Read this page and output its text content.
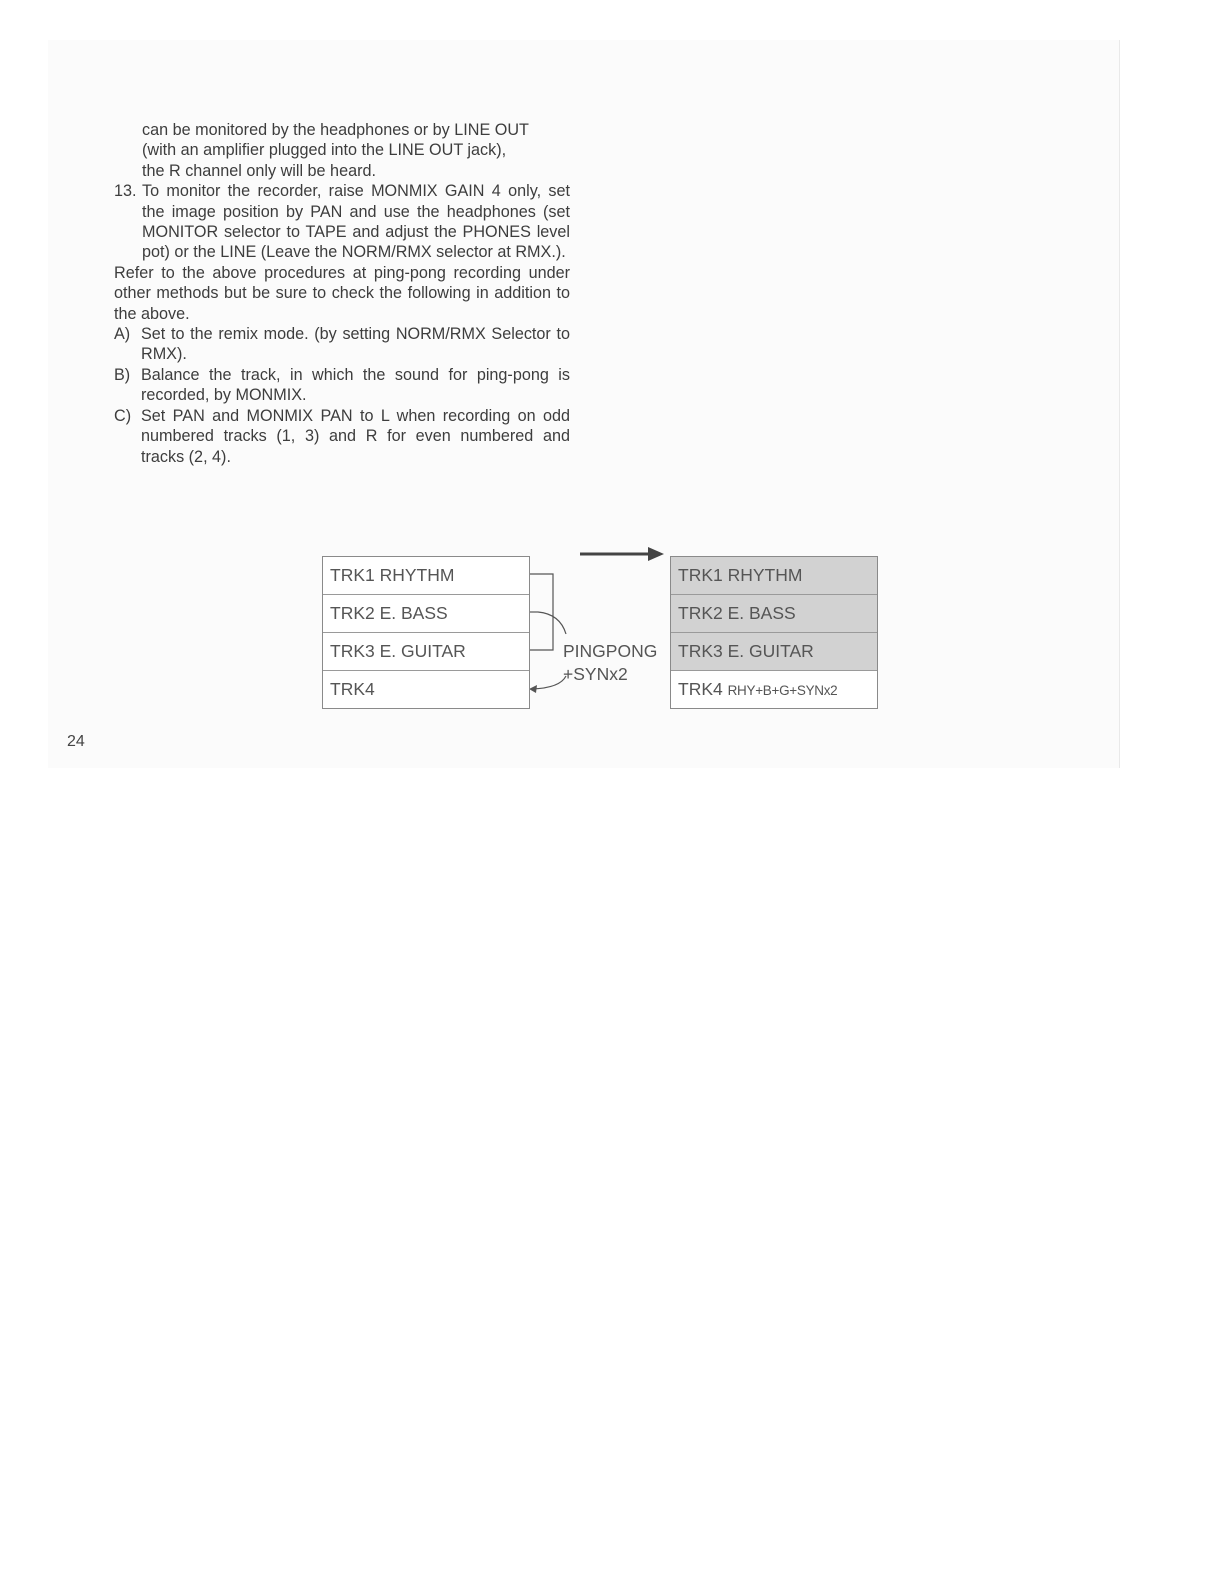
can be monitored by the headphones or by LINE OUT

(with an amplifier plugged into the LINE OUT jack),

the R channel only will be heard.

13. To monitor the recorder, raise MONMIX GAIN 4 only, set the image position by PAN and use the headphones (set MONITOR selector to TAPE and adjust the PHONES level pot) or the LINE (Leave the NORM/RMX selector at RMX.).

Refer to the above procedures at ping-pong recording under other methods but be sure to check the following in addition to the above.

A) Set to the remix mode. (by setting NORM/RMX Selector to RMX).
B) Balance the track, in which the sound for ping-pong is recorded, by MONMIX.
C) Set PAN and MONMIX PAN to L when recording on odd numbered tracks (1, 3) and R for even numbered and tracks (2, 4).
PINGPONG
+SYNx2
TRK1 RHYTHM
TRK2 E. BASS
TRK3 E. GUITAR
TRK4
TRK1 RHYTHM
TRK2 E. BASS
TRK3 E. GUITAR
TRK4 RHY+B+G+SYNx2
24
